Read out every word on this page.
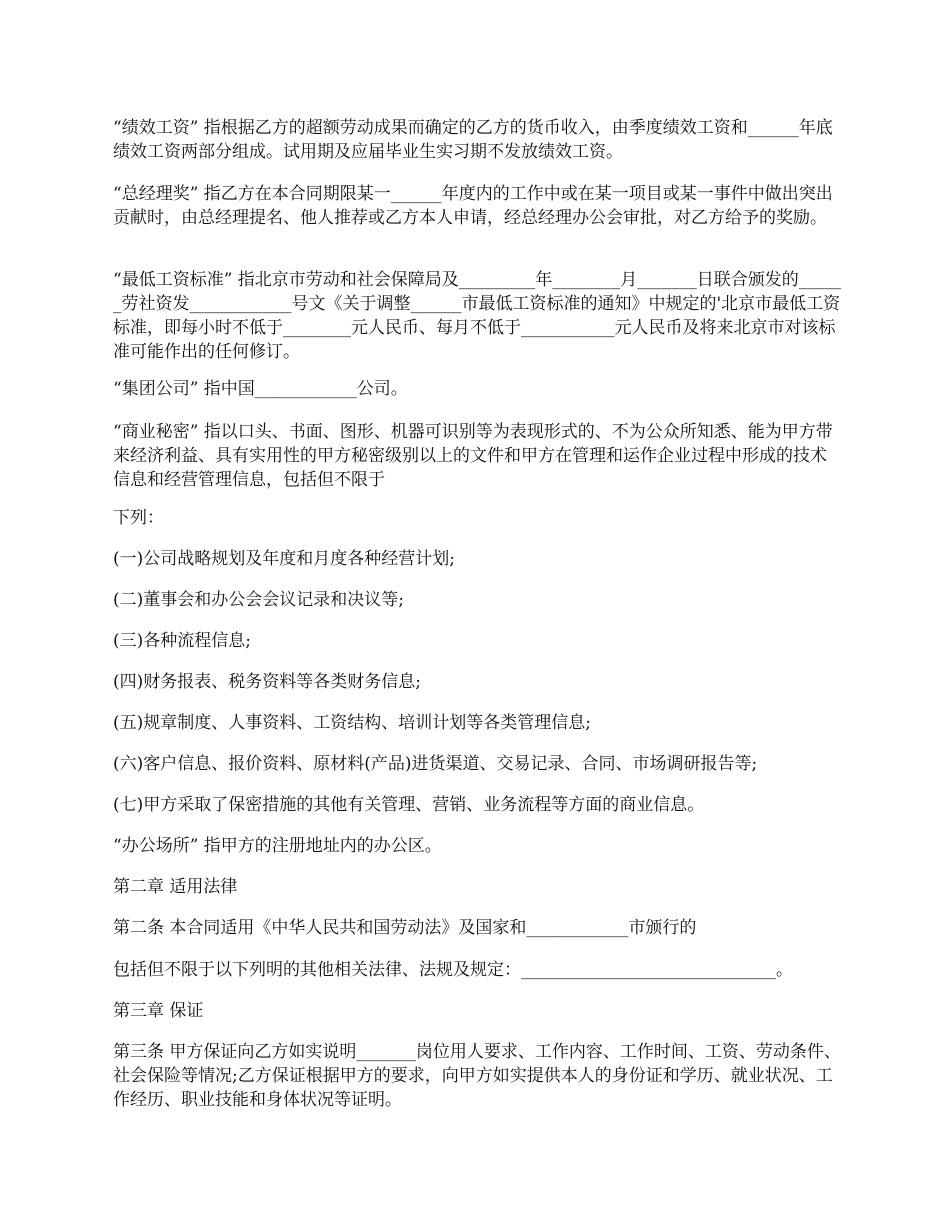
“绩效工资” 指根据乙方的超额劳动成果而确定的乙方的货币收入，由季度绩效工资和______年底绩效工资两部分组成。试用期及应届毕业生实习期不发放绩效工资。

“总经理奖” 指乙方在本合同期限某一______年度内的工作中或在某一项目或某一事件中做出突出贡献时，由总经理提名、他人推荐或乙方本人申请，经总经理办公会审批，对乙方给予的奖励。

“最低工资标准” 指北京市劳动和社会保障局及_________年________月_______日联合颁发的______劳社资发____________号文《关于调整______市最低工资标准的通知》中规定的'北京市最低工资标准，即每小时不低于________元人民币、每月不低于___________元人民币及将来北京市对该标准可能作出的任何修订。

“集团公司” 指中国____________公司。

“商业秘密” 指以口头、书面、图形、机器可识别等为表现形式的、不为公众所知悉、能为甲方带来经济利益、具有实用性的甲方秘密级别以上的文件和甲方在管理和运作企业过程中形成的技术信息和经营管理信息，包括但不限于

下列：

(一)公司战略规划及年度和月度各种经营计划;

(二)董事会和办公会会议记录和决议等;

(三)各种流程信息;

(四)财务报表、税务资料等各类财务信息;

(五)规章制度、人事资料、工资结构、培训计划等各类管理信息;

(六)客户信息、报价资料、原材料(产品)进货渠道、交易记录、合同、市场调研报告等;

(七)甲方采取了保密措施的其他有关管理、营销、业务流程等方面的商业信息。

“办公场所” 指甲方的注册地址内的办公区。

第二章 适用法律

第二条 本合同适用《中华人民共和国劳动法》及国家和____________市颁行的

包括但不限于以下列明的其他相关法律、法规及规定：______________________________。

第三章 保证

第三条 甲方保证向乙方如实说明_______岗位用人要求、工作内容、工作时间、工资、劳动条件、社会保险等情况;乙方保证根据甲方的要求，向甲方如实提供本人的身份证和学历、就业状况、工作经历、职业技能和身体状况等证明。
